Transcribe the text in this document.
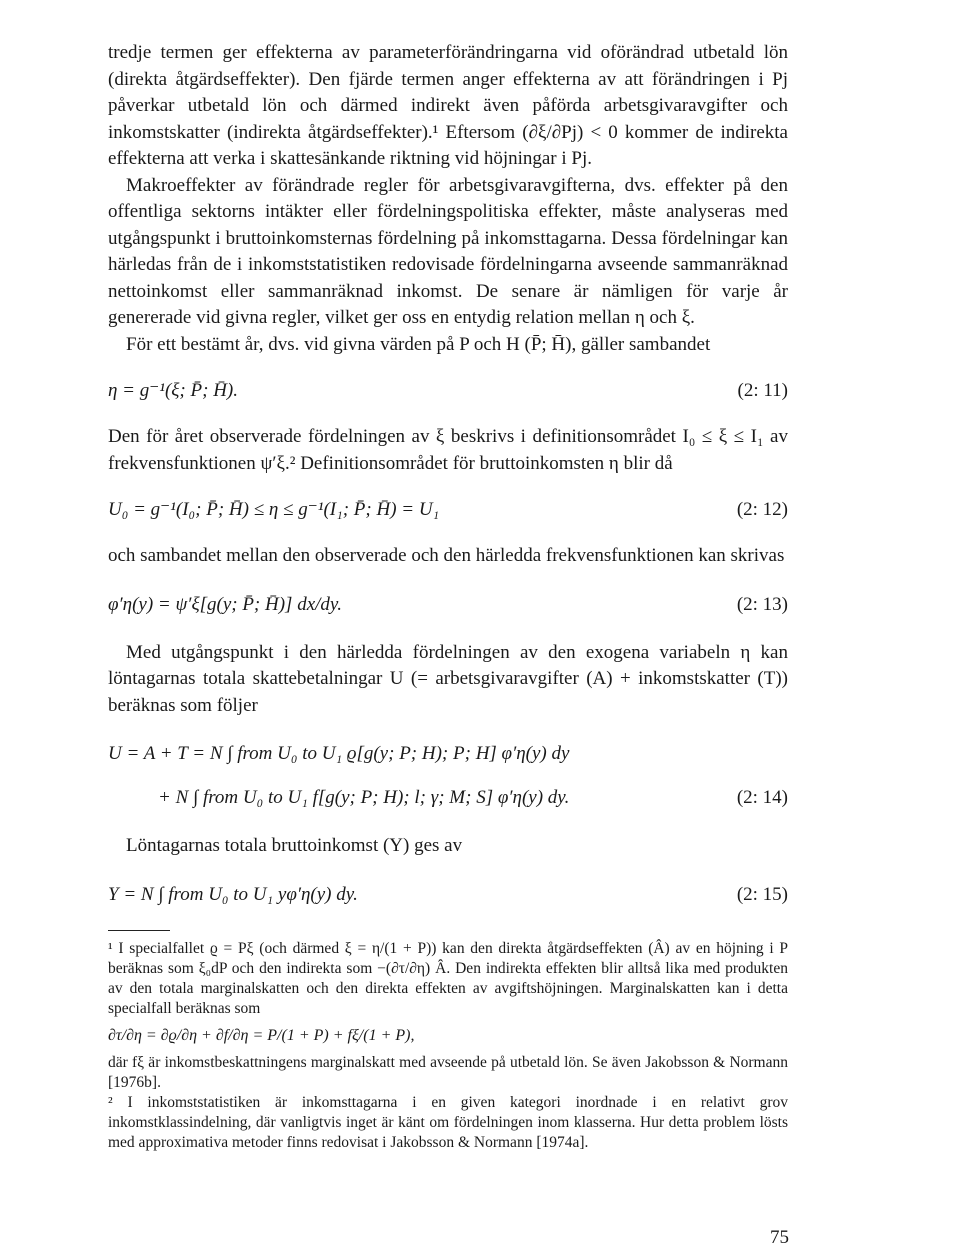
tredje termen ger effekterna av parameterförändringarna vid oförändrad utbetald lön (direkta åtgärdseffekter). Den fjärde termen anger effekterna av att förändringen i Pj påverkar utbetald lön och därmed indirekt även påförda arbetsgivaravgifter och inkomstskatter (indirekta åtgärdseffekter).¹ Eftersom (∂ξ/∂Pj) < 0 kommer de indirekta effekterna att verka i skattesänkande riktning vid höjningar i Pj.

Makroeffekter av förändrade regler för arbetsgivaravgifterna, dvs. effekter på den offentliga sektorns intäkter eller fördelningspolitiska effekter, måste analyseras med utgångspunkt i bruttoinkomsternas fördelning på inkomsttagarna. Dessa fördelningar kan härledas från de i inkomststatistiken redovisade fördelningarna avseende sammanräknad nettoinkomst eller sammanräknad inkomst. De senare är nämligen för varje år genererade vid givna regler, vilket ger oss en entydig relation mellan η och ξ.

För ett bestämt år, dvs. vid givna värden på P och H (P̄; H̄), gäller sambandet

η = g⁻¹(ξ; P̄; H̄).	(2: 11)

Den för året observerade fördelningen av ξ beskrivs i definitionsområdet I₀ ≤ ξ ≤ I₁ av frekvensfunktionen ψ′ξ.² Definitionsområdet för bruttoinkomsten η blir då

U₀ = g⁻¹(I₀; P̄; H̄) ≤ η ≤ g⁻¹(I₁; P̄; H̄) = U₁	(2: 12)

och sambandet mellan den observerade och den härledda frekvensfunktionen kan skrivas

φ′η(y) = ψ′ξ[g(y; P̄; H̄)] dx/dy.	(2: 13)

Med utgångspunkt i den härledda fördelningen av den exogena variabeln η kan löntagarnas totala skattebetalningar U (= arbetsgivaravgifter (A) + inkomstskatter (T)) beräknas som följer

U = A + T = N ∫ from U₀ to U₁ ϱ[g(y; P; H); P; H] φ′η(y) dy
+ N ∫ from U₀ to U₁ f[g(y; P; H); l; γ; M; S] φ′η(y) dy.	(2: 14)

Löntagarnas totala bruttoinkomst (Y) ges av

Y = N ∫ from U₀ to U₁ yφ′η(y) dy.	(2: 15)

¹ I specialfallet ϱ = Pξ (och därmed ξ = η/(1 + P)) kan den direkta åtgärdseffekten (Â) av en höjning i P beräknas som ξ₀dP och den indirekta som −(∂τ/∂η) Â. Den indirekta effekten blir alltså lika med produkten av den totala marginalskatten och den direkta effekten av avgiftshöjningen. Marginalskatten kan i detta specialfall beräknas som

∂τ/∂η = ∂ϱ/∂η + ∂f/∂η = P/(1 + P) + fξ/(1 + P),

där fξ är inkomstbeskattningens marginalskatt med avseende på utbetald lön. Se även Jakobsson & Normann [1976b].

² I inkomststatistiken är inkomsttagarna i en given kategori inordnade i en relativt grov inkomstklassindelning, där vanligtvis inget är känt om fördelningen inom klasserna. Hur detta problem lösts med approximativa metoder finns redovisat i Jakobsson & Normann [1974a].

75
